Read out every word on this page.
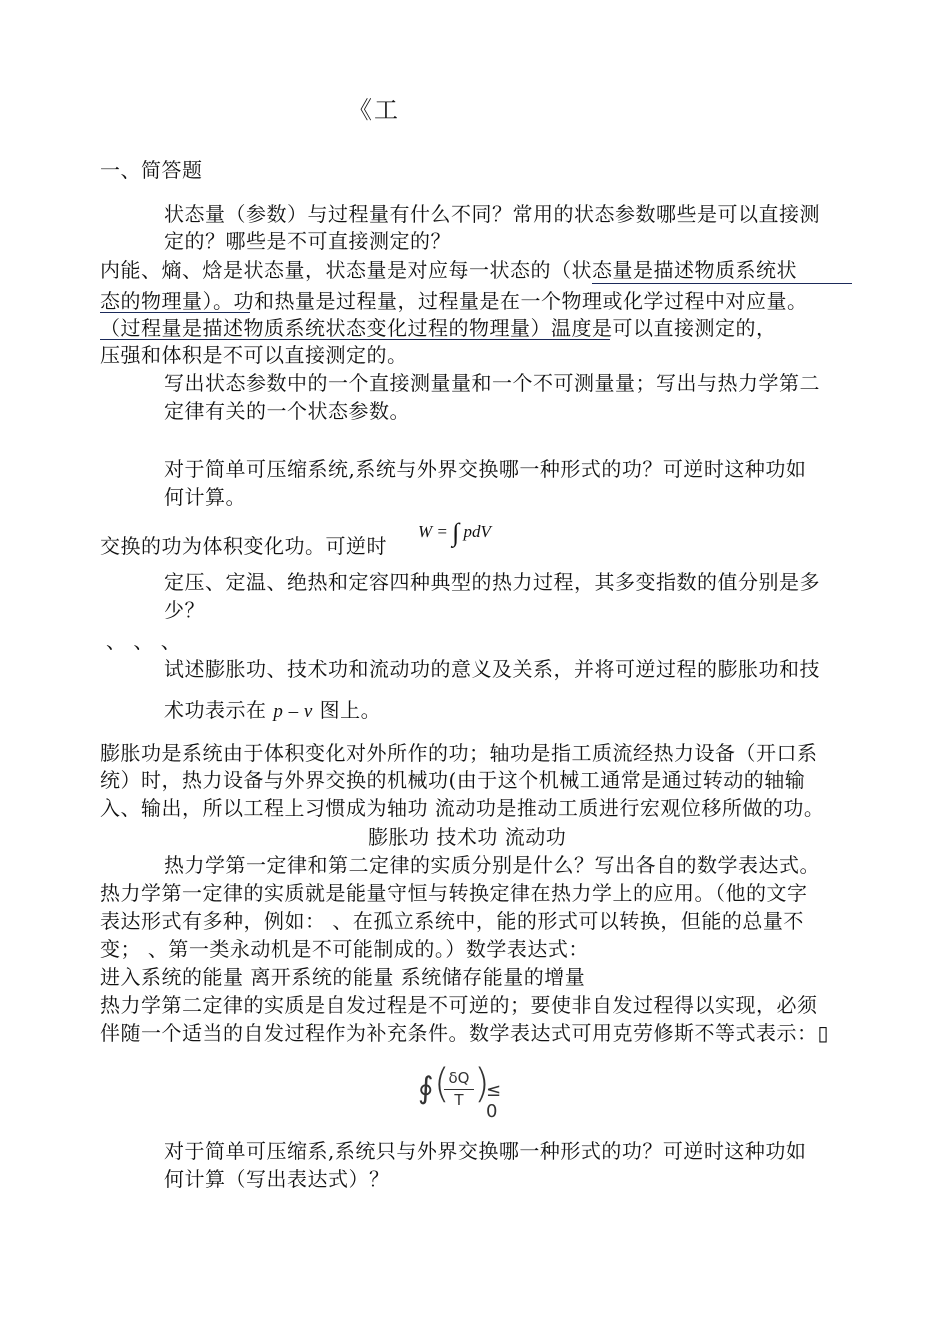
《工
一、简答题
状态量（参数）与过程量有什么不同？常用的状态参数哪些是可以直接测
定的？哪些是不可直接测定的？
内能、熵、焓是状态量，状态量是对应每一状态的（状态量是描述物质系统状
态的物理量）。功和热量是过程量，过程量是在一个物理或化学过程中对应量。
（过程量是描述物质系统状态变化过程的物理量）温度是可以直接测定的，
压强和体积是不可以直接测定的。
写出状态参数中的一个直接测量量和一个不可测量量；写出与热力学第二
定律有关的一个状态参数。
对于简单可压缩系统,系统与外界交换哪一种形式的功？可逆时这种功如
何计算。
交换的功为体积变化功。可逆时
W = ∫ pdV
定压、定温、绝热和定容四种典型的热力过程，其多变指数的值分别是多
少？
、 、 、
试述膨胀功、技术功和流动功的意义及关系，并将可逆过程的膨胀功和技
术功表示在 p – v 图上。
膨胀功是系统由于体积变化对外所作的功；轴功是指工质流经热力设备（开口系
统）时，热力设备与外界交换的机械功(由于这个机械工通常是通过转动的轴输
入、输出，所以工程上习惯成为轴功 流动功是推动工质进行宏观位移所做的功。
膨胀功 技术功 流动功
热力学第一定律和第二定律的实质分别是什么？写出各自的数学表达式。
热力学第一定律的实质就是能量守恒与转换定律在热力学上的应用。（他的文字
表达形式有多种，例如： 、在孤立系统中，能的形式可以转换，但能的总量不
变； 、第一类永动机是不可能制成的。）数学表达式：
进入系统的能量 离开系统的能量 系统储存能量的增量
热力学第二定律的实质是自发过程是不可逆的；要使非自发过程得以实现，必须
伴随一个适当的自发过程作为补充条件。数学表达式可用克劳修斯不等式表示：▯
∮ (
δQ
T )
≤ 0
对于简单可压缩系,系统只与外界交换哪一种形式的功？可逆时这种功如
何计算（写出表达式）？
